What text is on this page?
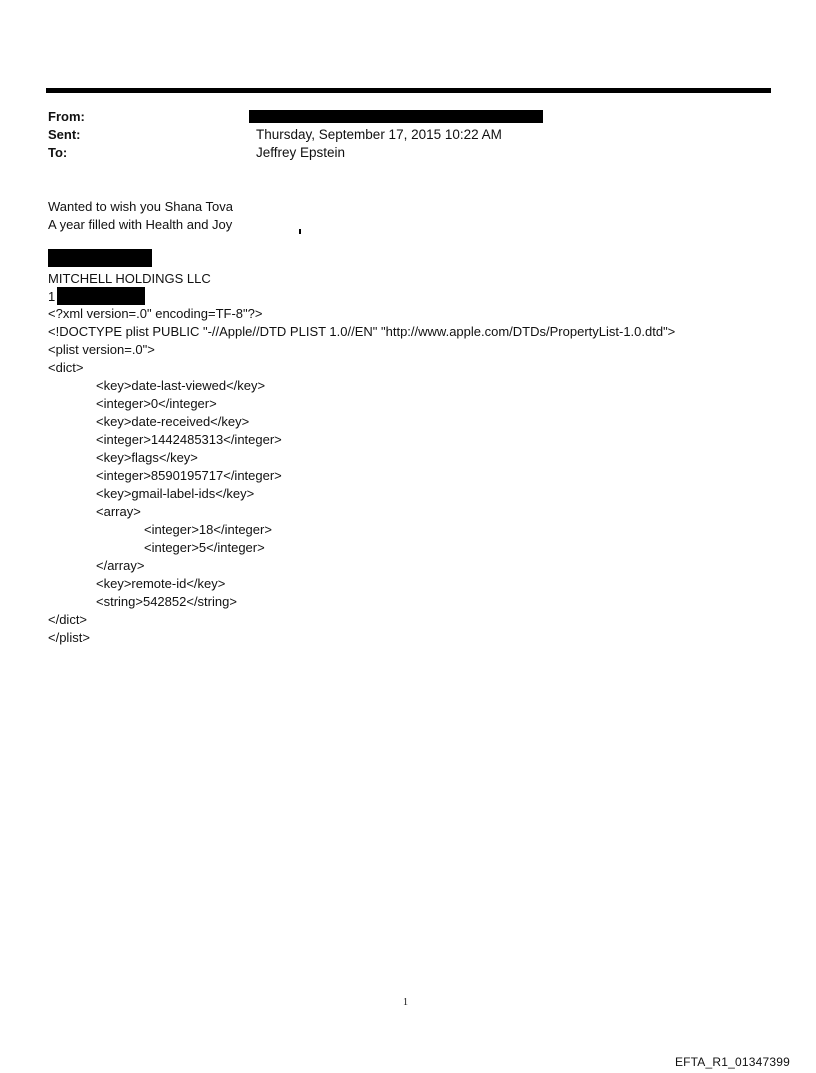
From:
Sent:	Thursday, September 17, 2015 10:22 AM
To:	Jeffrey Epstein
Wanted to wish you Shana Tova
A year filled with Health and Joy
MITCHELL HOLDINGS LLC
1
<?xml version=.0" encoding=TF-8"?>
<!DOCTYPE plist PUBLIC "-//Apple//DTD PLIST 1.0//EN" "http://www.apple.com/DTDs/PropertyList-1.0.dtd">
<plist version=.0">
<dict>
<key>date-last-viewed</key>
<integer>0</integer>
<key>date-received</key>
<integer>1442485313</integer>
<key>flags</key>
<integer>8590195717</integer>
<key>gmail-label-ids</key>
<array>
<integer>18</integer>
<integer>5</integer>
</array>
<key>remote-id</key>
<string>542852</string>
</dict>
</plist>
1
EFTA_R1_01347399
